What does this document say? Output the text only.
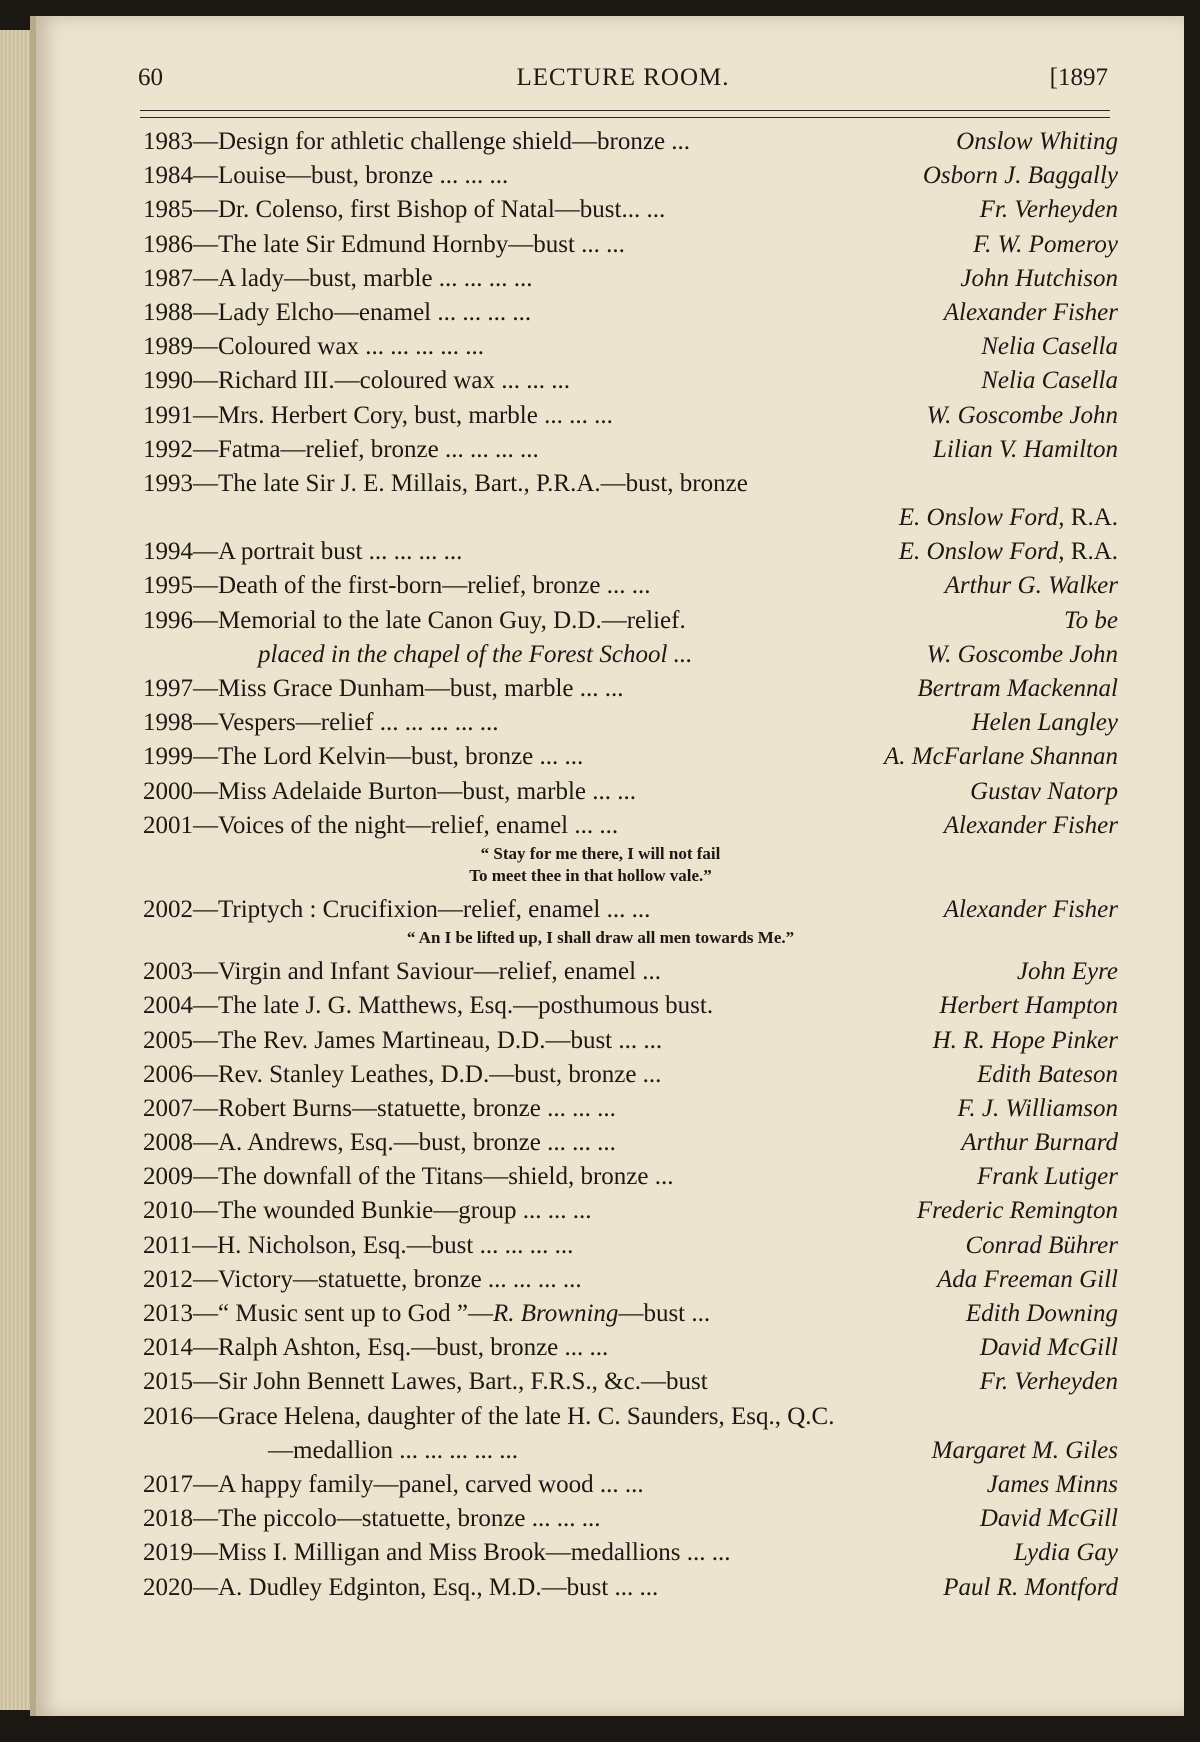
60	LECTURE ROOM.	[1897
1983—Design for athletic challenge shield—bronze ...	Onslow Whiting
1984—Louise—bust, bronze ... ... ...	Osborn J. Baggally
1985—Dr. Colenso, first Bishop of Natal—bust... ...	Fr. Verheyden
1986—The late Sir Edmund Hornby—bust ... ...	F. W. Pomeroy
1987—A lady—bust, marble ... ... ... ...	John Hutchison
1988—Lady Elcho—enamel ... ... ... ...	Alexander Fisher
1989—Coloured wax ... ... ... ... ...	Nelia Casella
1990—Richard III.—coloured wax ... ... ...	Nelia Casella
1991—Mrs. Herbert Cory, bust, marble ... ... ...	W. Goscombe John
1992—Fatma—relief, bronze ... ... ... ...	Lilian V. Hamilton
1993—The late Sir J. E. Millais, Bart., P.R.A.—bust, bronze
E. Onslow Ford, R.A.
1994—A portrait bust ... ... ... ...	E. Onslow Ford, R.A.
1995—Death of the first-born—relief, bronze ... ...	Arthur G. Walker
1996—Memorial to the late Canon Guy, D.D.—relief.	To be
placed in the chapel of the Forest School ...	W. Goscombe John
1997—Miss Grace Dunham—bust, marble ... ...	Bertram Mackennal
1998—Vespers—relief ... ... ... ... ...	Helen Langley
1999—The Lord Kelvin—bust, bronze ... ...	A. McFarlane Shannan
2000—Miss Adelaide Burton—bust, marble ... ...	Gustav Natorp
2001—Voices of the night—relief, enamel ... ...	Alexander Fisher
“ Stay for me there, I will not fail
To meet thee in that hollow vale.”
2002—Triptych : Crucifixion—relief, enamel ... ...	Alexander Fisher
“ An I be lifted up, I shall draw all men towards Me.”
2003—Virgin and Infant Saviour—relief, enamel ...	John Eyre
2004—The late J. G. Matthews, Esq.—posthumous bust.	Herbert Hampton
2005—The Rev. James Martineau, D.D.—bust ... ...	H. R. Hope Pinker
2006—Rev. Stanley Leathes, D.D.—bust, bronze ...	Edith Bateson
2007—Robert Burns—statuette, bronze ... ... ...	F. J. Williamson
2008—A. Andrews, Esq.—bust, bronze ... ... ...	Arthur Burnard
2009—The downfall of the Titans—shield, bronze ...	Frank Lutiger
2010—The wounded Bunkie—group ... ... ...	Frederic Remington
2011—H. Nicholson, Esq.—bust ... ... ... ...	Conrad Bührer
2012—Victory—statuette, bronze ... ... ... ...	Ada Freeman Gill
2013—“ Music sent up to God ”—R. Browning—bust ...	Edith Downing
2014—Ralph Ashton, Esq.—bust, bronze ... ...	David McGill
2015—Sir John Bennett Lawes, Bart., F.R.S., &c.—bust	Fr. Verheyden
2016—Grace Helena, daughter of the late H. C. Saunders, Esq., Q.C.
—medallion ... ... ... ... ...	Margaret M. Giles
2017—A happy family—panel, carved wood ... ...	James Minns
2018—The piccolo—statuette, bronze ... ... ...	David McGill
2019—Miss I. Milligan and Miss Brook—medallions ... ...	Lydia Gay
2020—A. Dudley Edginton, Esq., M.D.—bust ... ...	Paul R. Montford
